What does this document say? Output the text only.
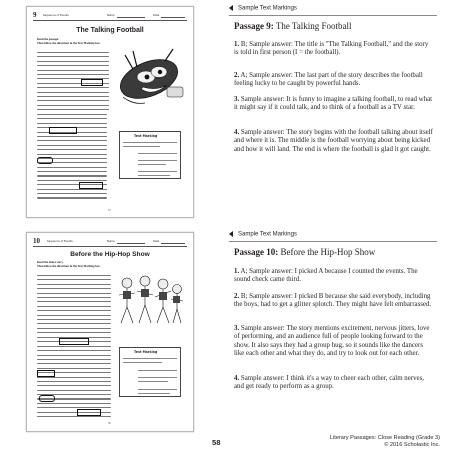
9	Sequence of Events	Name	Date
The Talking Football
Read the passage.
Then follow the directions in the Text Marking box.
Text Marking
37
Sample Text Markings
Passage 9: The Talking Football
1. B; Sample answer: The title is "The Talking Football," and the story is told in first person (I = the football).
2. A; Sample answer: The last part of the story describes the football feeling lucky to be caught by powerful hands.
3. Sample answer: It is funny to imagine a talking football, to read what it might say if it could talk, and to think of a football as a TV star.
4. Sample answer: The story begins with the football talking about itself and where it is. The middle is the football worrying about being kicked and how it will land. The end is where the football is glad it got caught.
10	Sequence of Events	Name	Date
Before the Hip-Hop Show
Read the dance story.
Then follow the directions in the Text Marking box.
Text Marking
38
Sample Text Markings
Passage 10: Before the Hip-Hop Show
1. A; Sample answer: I picked A because I counted the events. The sound check came third.
2. B; Sample answer: I picked B because she said everybody, including the boys, had to get a glitter splotch. They might have felt embarrassed.
3. Sample answer: The story mentions excitement, nervous jitters, love of performing, and an audience full of people looking forward to the show. It also says they had a group hug, so it sounds like the dancers like each other and what they do, and try to look out for each other.
4. Sample answer: I think it's a way to cheer each other, calm nerves, and get ready to perform as a group.
58	Literary Passages: Close Reading (Grade 3)
© 2016 Scholastic Inc.
